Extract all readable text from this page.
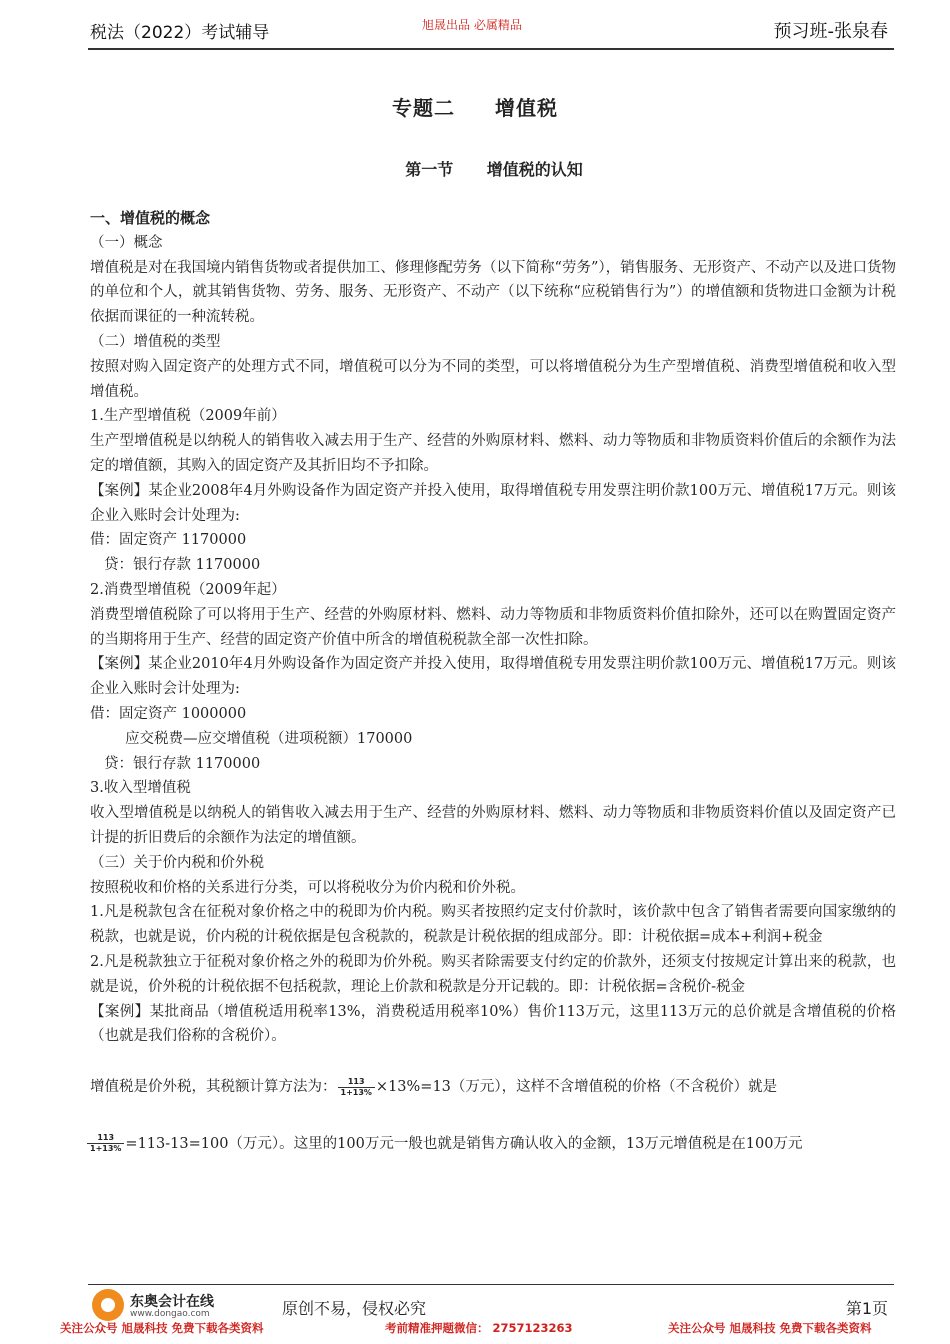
税法（2022）考试辅导	旭晟出品 必属精品	预习班-张泉春
专题二 增值税
第一节 增值税的认知

一、增值税的概念

（一）概念

增值税是对在我国境内销售货物或者提供加工、修理修配劳务（以下简称“劳务”），销售服务、无形资产、不动产以及进口货物的单位和个人，就其销售货物、劳务、服务、无形资产、不动产（以下统称“应税销售行为”）的增值额和货物进口金额为计税依据而课征的一种流转税。

（二）增值税的类型

按照对购入固定资产的处理方式不同，增值税可以分为不同的类型，可以将增值税分为生产型增值税、消费型增值税和收入型增值税。

1.生产型增值税（2009年前）

生产型增值税是以纳税人的销售收入减去用于生产、经营的外购原材料、燃料、动力等物质和非物质资料价值后的余额作为法定的增值额，其购入的固定资产及其折旧均不予扣除。

【案例】某企业2008年4月外购设备作为固定资产并投入使用，取得增值税专用发票注明价款100万元、增值税17万元。则该企业入账时会计处理为:

借：固定资产 1170000

贷：银行存款 1170000

2.消费型增值税（2009年起）

消费型增值税除了可以将用于生产、经营的外购原材料、燃料、动力等物质和非物质资料价值扣除外，还可以在购置固定资产的当期将用于生产、经营的固定资产价值中所含的增值税税款全部一次性扣除。

【案例】某企业2010年4月外购设备作为固定资产并投入使用，取得增值税专用发票注明价款100万元、增值税17万元。则该企业入账时会计处理为:

借：固定资产 1000000

应交税费—应交增值税（进项税额）170000

贷：银行存款 1170000

3.收入型增值税

收入型增值税是以纳税人的销售收入减去用于生产、经营的外购原材料、燃料、动力等物质和非物质资料价值以及固定资产已计提的折旧费后的余额作为法定的增值额。

（三）关于价内税和价外税

按照税收和价格的关系进行分类，可以将税收分为价内税和价外税。

1.凡是税款包含在征税对象价格之中的税即为价内税。购买者按照约定支付价款时，该价款中包含了销售者需要向国家缴纳的税款，也就是说，价内税的计税依据是包含税款的，税款是计税依据的组成部分。即：计税依据=成本+利润+税金

2.凡是税款独立于征税对象价格之外的税即为价外税。购买者除需要支付约定的价款外，还须支付按规定计算出来的税款，也就是说，价外税的计税依据不包括税款，理论上价款和税款是分开记载的。即：计税依据=含税价-税金

【案例】某批商品（增值税适用税率13%，消费税适用税率10%）售价113万元，这里113万元的总价就是含增值税的价格（也就是我们俗称的含税价）。

增值税是价外税，其税额计算方法为： $\frac{113}{1+13\%} \times 13\%=13$（万元），这样不含增值税的价格（不含税价）就是

$\frac{113}{1+13\%} =113-13=100$（万元）。这里的100万元一般也就是销售方确认收入的金额，13万元增值税是在100万元

东奥会计在线
www.dongao.com	原创不易，侵权必究	第1页
关注公众号 旭晟科技 免费下载各类资料	考前精准押题微信： 2757123263	关注公众号 旭晟科技 免费下载各类资料
